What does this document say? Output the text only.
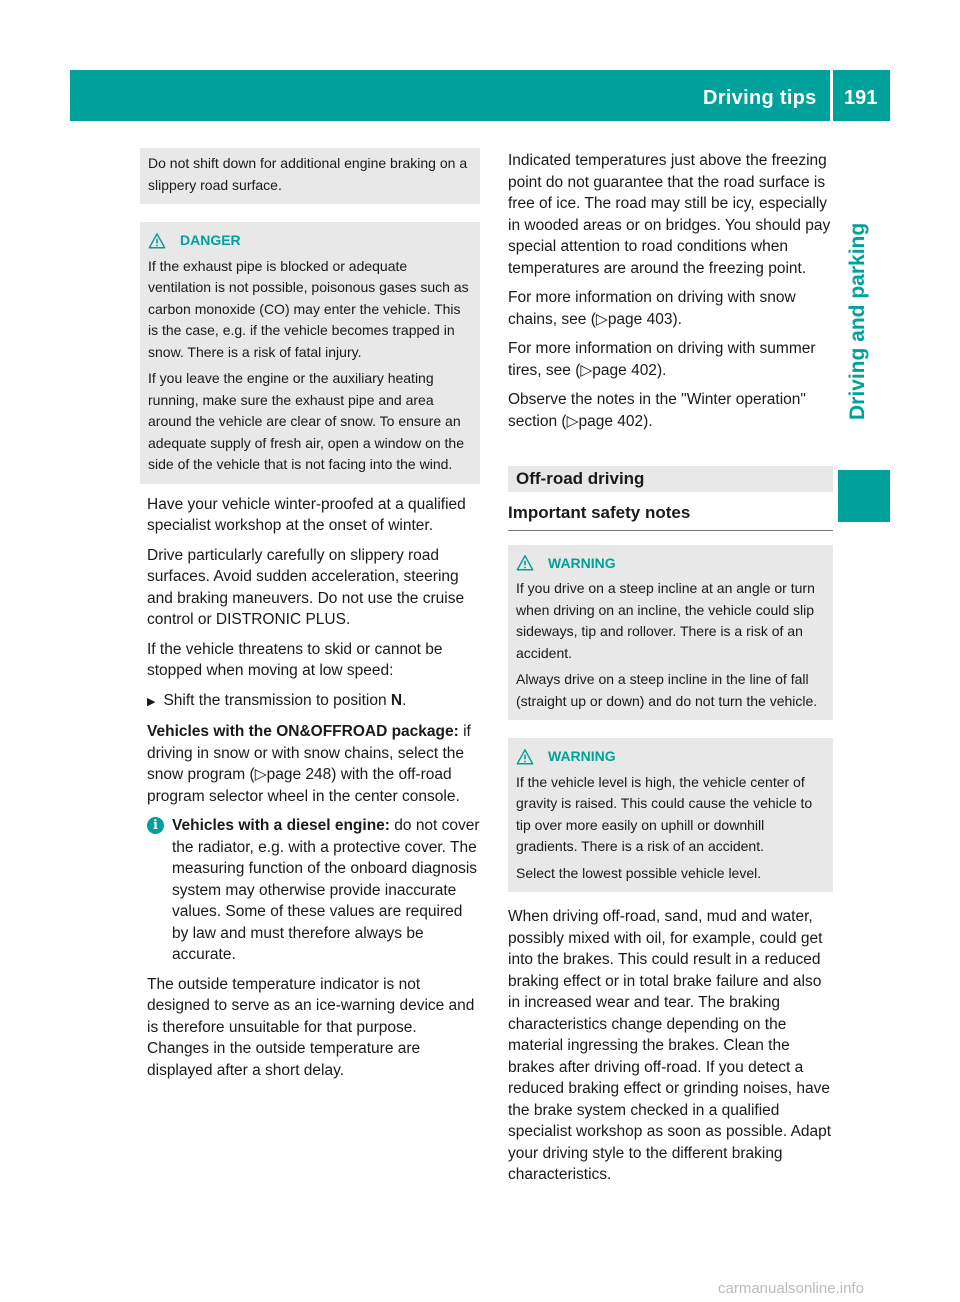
Driving tips 191
Driving and parking

Do not shift down for additional engine braking on a slippery road surface.

DANGER

If the exhaust pipe is blocked or adequate ventilation is not possible, poisonous gases such as carbon monoxide (CO) may enter the vehicle. This is the case, e.g. if the vehicle becomes trapped in snow. There is a risk of fatal injury.

If you leave the engine or the auxiliary heating running, make sure the exhaust pipe and area around the vehicle are clear of snow. To ensure an adequate supply of fresh air, open a window on the side of the vehicle that is not facing into the wind.

Have your vehicle winter-proofed at a qualified specialist workshop at the onset of winter.

Drive particularly carefully on slippery road surfaces. Avoid sudden acceleration, steering and braking maneuvers. Do not use the cruise control or DISTRONIC PLUS.

If the vehicle threatens to skid or cannot be stopped when moving at low speed:

▶ Shift the transmission to position N.

Vehicles with the ON&OFFROAD package: if driving in snow or with snow chains, select the snow program (▷page 248) with the off-road program selector wheel in the center console.

i Vehicles with a diesel engine: do not cover the radiator, e.g. with a protective cover. The measuring function of the onboard diagnosis system may otherwise provide inaccurate values. Some of these values are required by law and must therefore always be accurate.

The outside temperature indicator is not designed to serve as an ice-warning device and is therefore unsuitable for that purpose. Changes in the outside temperature are displayed after a short delay.

Indicated temperatures just above the freezing point do not guarantee that the road surface is free of ice. The road may still be icy, especially in wooded areas or on bridges. You should pay special attention to road conditions when temperatures are around the freezing point.

For more information on driving with snow chains, see (▷page 403).

For more information on driving with summer tires, see (▷page 402).

Observe the notes in the "Winter operation" section (▷page 402).

Off-road driving
Important safety notes

WARNING

If you drive on a steep incline at an angle or turn when driving on an incline, the vehicle could slip sideways, tip and rollover. There is a risk of an accident.

Always drive on a steep incline in the line of fall (straight up or down) and do not turn the vehicle.

WARNING

If the vehicle level is high, the vehicle center of gravity is raised. This could cause the vehicle to tip over more easily on uphill or downhill gradients. There is a risk of an accident.

Select the lowest possible vehicle level.

When driving off-road, sand, mud and water, possibly mixed with oil, for example, could get into the brakes. This could result in a reduced braking effect or in total brake failure and also in increased wear and tear. The braking characteristics change depending on the material ingressing the brakes. Clean the brakes after driving off-road. If you detect a reduced braking effect or grinding noises, have the brake system checked in a qualified specialist workshop as soon as possible. Adapt your driving style to the different braking characteristics.

carmanualsonline.info
